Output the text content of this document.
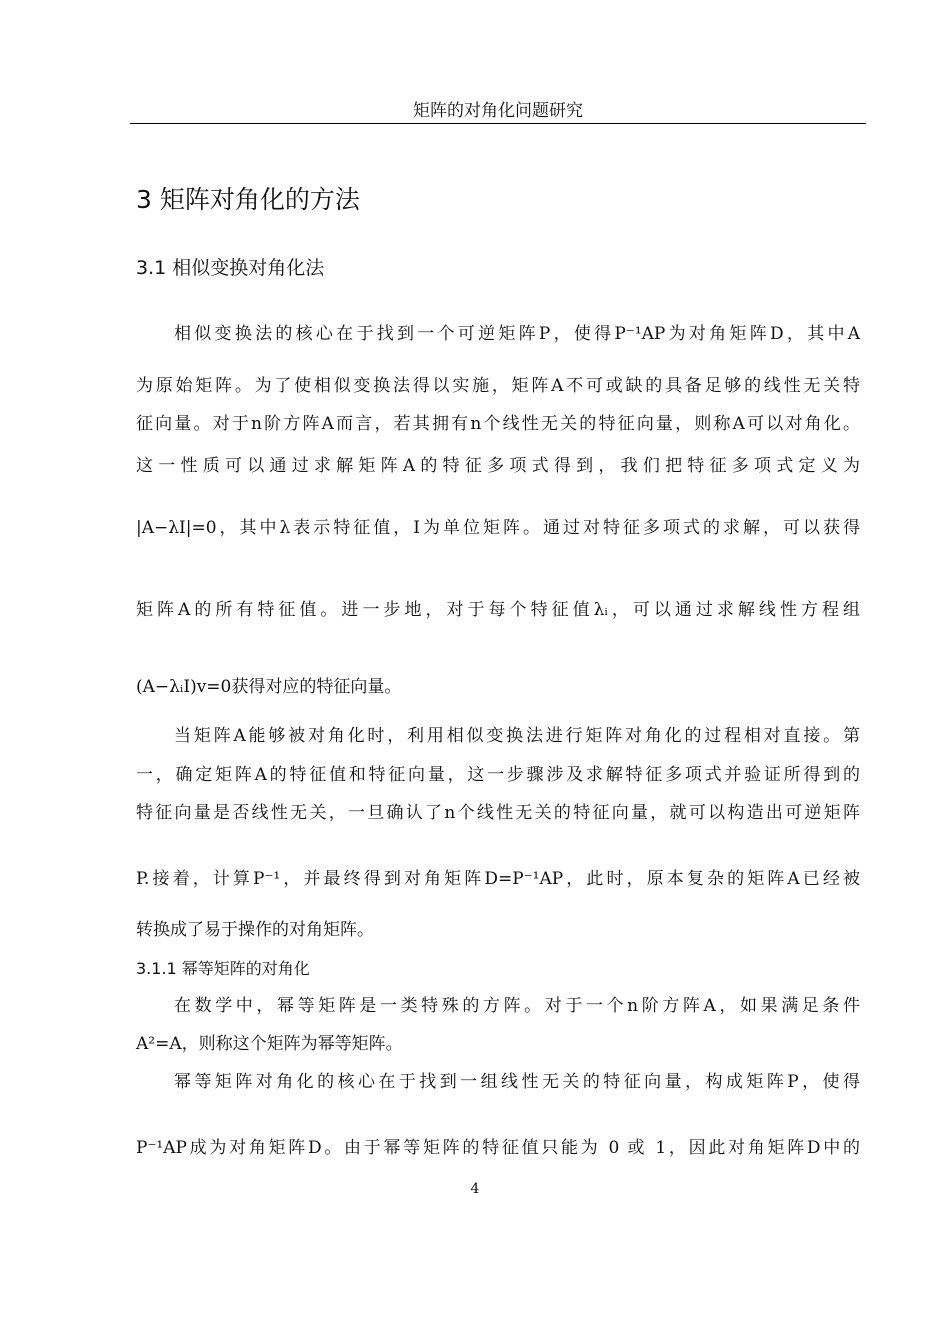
矩阵的对角化问题研究
3 矩阵对角化的方法
3.1 相似变换对角化法
相似变换法的核心在于找到一个可逆矩阵P，使得P⁻¹AP为对角矩阵D，其中A
为原始矩阵。为了使相似变换法得以实施，矩阵A不可或缺的具备足够的线性无关特
征向量。对于n阶方阵A而言，若其拥有n个线性无关的特征向量，则称A可以对角化。
这一性质可以通过求解矩阵A的特征多项式得到，我们把特征多项式定义为
|A−λI|=0，其中λ表示特征值，I为单位矩阵。通过对特征多项式的求解，可以获得
矩阵A的所有特征值。进一步地，对于每个特征值λᵢ，可以通过求解线性方程组
(A−λᵢI)v=0获得对应的特征向量。
当矩阵A能够被对角化时，利用相似变换法进行矩阵对角化的过程相对直接。第
一，确定矩阵A的特征值和特征向量，这一步骤涉及求解特征多项式并验证所得到的
特征向量是否线性无关，一旦确认了n个线性无关的特征向量，就可以构造出可逆矩阵
P.接着，计算P⁻¹，并最终得到对角矩阵D=P⁻¹AP，此时，原本复杂的矩阵A已经被
转换成了易于操作的对角矩阵。
3.1.1 幂等矩阵的对角化
在数学中，幂等矩阵是一类特殊的方阵。对于一个n阶方阵A，如果满足条件
A²=A，则称这个矩阵为幂等矩阵。
幂等矩阵对角化的核心在于找到一组线性无关的特征向量，构成矩阵P，使得
P⁻¹AP成为对角矩阵D。由于幂等矩阵的特征值只能为 0 或 1，因此对角矩阵D中的
4
